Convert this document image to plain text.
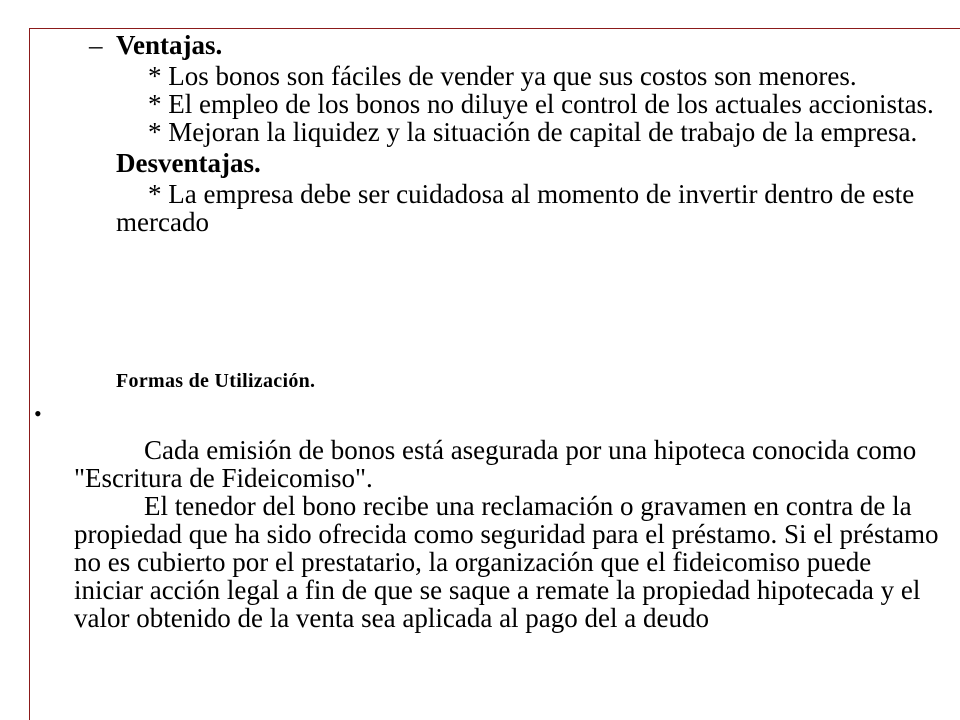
– Ventajas.

* Los bonos son fáciles de vender ya que sus costos son menores.

* El empleo de los bonos no diluye el control de los actuales accionistas.

* Mejoran la liquidez y la situación de capital de trabajo de la empresa.

Desventajas.

* La empresa debe ser cuidadosa al momento de invertir dentro de este mercado

Formas de Utilización.
•

Cada emisión de bonos está asegurada por una hipoteca conocida como "Escritura de Fideicomiso".

El tenedor del bono recibe una reclamación o gravamen en contra de la propiedad que ha sido ofrecida como seguridad para el préstamo. Si el préstamo no es cubierto por el prestatario, la organización que el fideicomiso puede iniciar acción legal a fin de que se saque a remate la propiedad hipotecada y el valor obtenido de la venta sea aplicada al pago del a deudo
